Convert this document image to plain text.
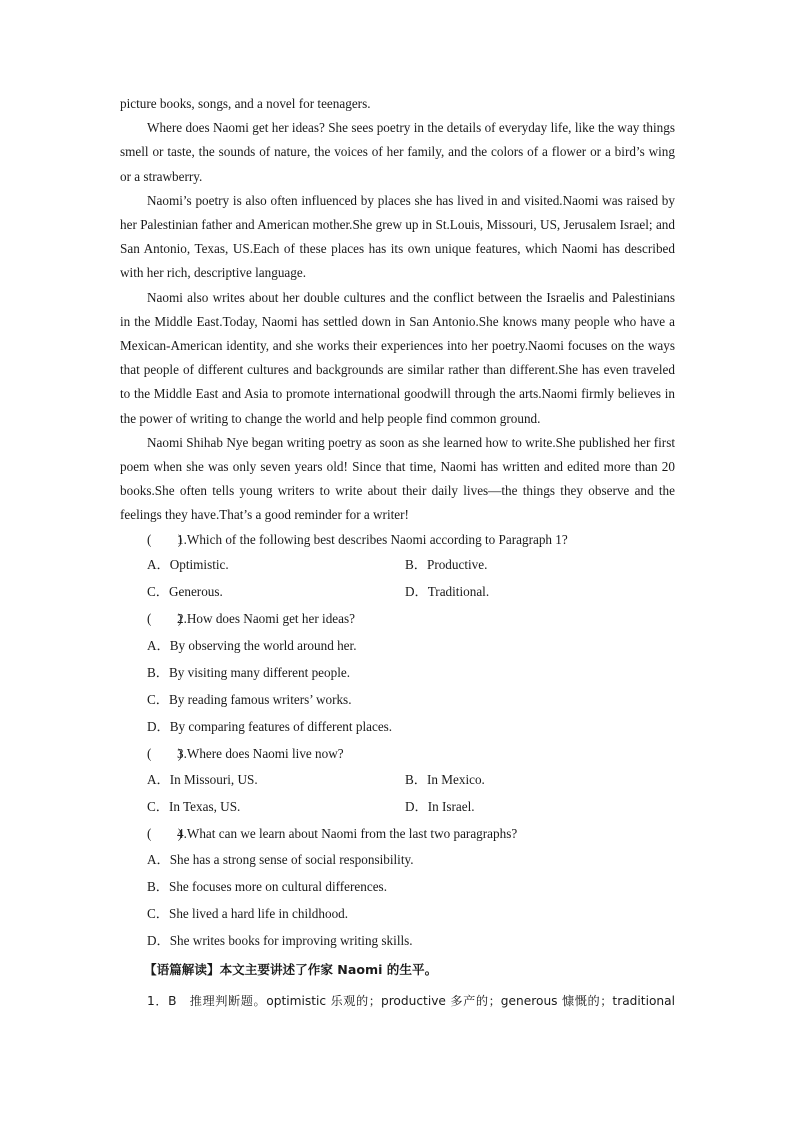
picture books, songs, and a novel for teenagers.

Where does Naomi get her ideas? She sees poetry in the details of everyday life, like the way things smell or taste, the sounds of nature, the voices of her family, and the colors of a flower or a bird’s wing or a strawberry.

Naomi’s poetry is also often influenced by places she has lived in and visited.Naomi was raised by her Palestinian father and American mother.She grew up in St.Louis, Missouri, US, Jerusalem Israel; and San Antonio, Texas, US.Each of these places has its own unique features, which Naomi has described with her rich, descriptive language.

Naomi also writes about her double cultures and the conflict between the Israelis and Palestinians in the Middle East.Today, Naomi has settled down in San Antonio.She knows many people who have a Mexican-American identity, and she works their experiences into her poetry.Naomi focuses on the ways that people of different cultures and backgrounds are similar rather than different.She has even traveled to the Middle East and Asia to promote international goodwill through the arts.Naomi firmly believes in the power of writing to change the world and help people find common ground.

Naomi Shihab Nye began writing poetry as soon as she learned how to write.She published her first poem when she was only seven years old! Since that time, Naomi has written and edited more than 20 books.She often tells young writers to write about their daily lives—the things they observe and the feelings they have.That’s a good reminder for a writer!

(　　)1.Which of the following best describes Naomi according to Paragraph 1?
A．Optimistic.	B．Productive.
C．Generous.	D．Traditional.
(　　)2.How does Naomi get her ideas?
A．By observing the world around her.
B．By visiting many different people.
C．By reading famous writers’ works.
D．By comparing features of different places.
(　　)3.Where does Naomi live now?
A．In Missouri, US.	B．In Mexico.
C．In Texas, US.	D．In Israel.
(　　)4.What can we learn about Naomi from the last two paragraphs?
A．She has a strong sense of social responsibility.
B．She focuses more on cultural differences.
C．She lived a hard life in childhood.
D．She writes books for improving writing skills.
【语篇解读】本文主要讲述了作家 Naomi 的生平。
1．B　推理判断题。optimistic 乐观的；productive 多产的；generous 慷慨的；traditional
